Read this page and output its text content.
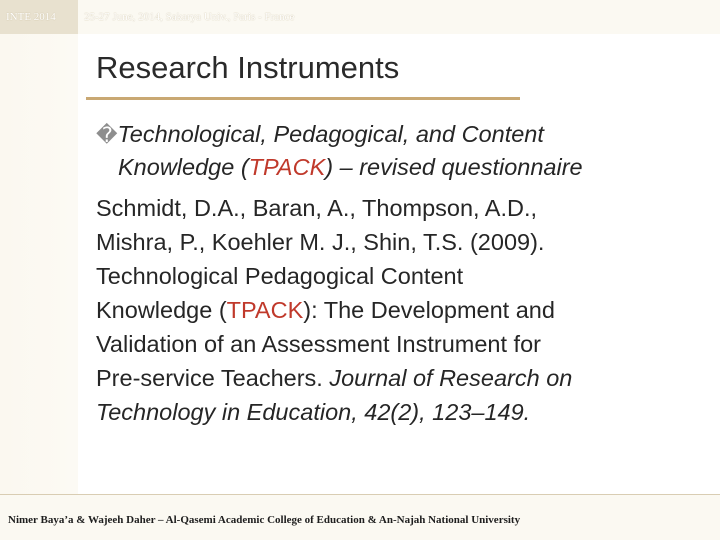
INTE 2014	25-27 June, 2014, Sakarya Univ., Paris - France
Research Instruments
�Technological, Pedagogical, and Content
Knowledge (TPACK) – revised questionnaire
Schmidt, D.A., Baran, A., Thompson, A.D.,
Mishra, P., Koehler M. J., Shin, T.S. (2009).
Technological Pedagogical Content
Knowledge (TPACK): The Development and
Validation of an Assessment Instrument for
Pre-service Teachers. Journal of Research on
Technology in Education, 42(2), 123–149.
Nimer Baya’a & Wajeeh Daher – Al-Qasemi Academic College of Education & An-Najah National University
